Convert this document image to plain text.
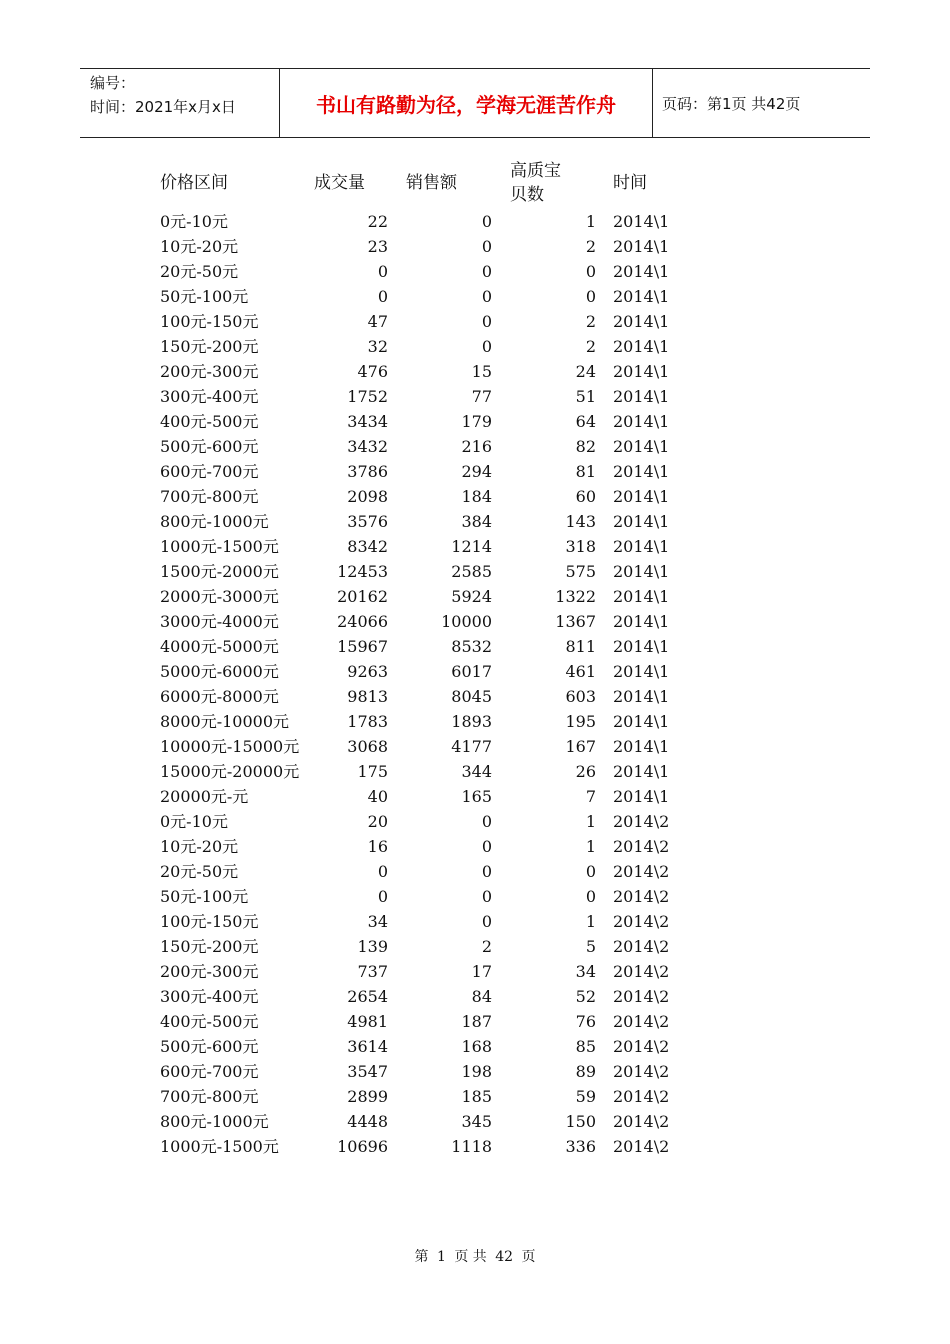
编号：
时间：2021年x月x日	书山有路勤为径，学海无涯苦作舟	页码：第1页 共42页
价格区间	成交量	销售额	高质宝贝数	时间
0元-10元	22	0	1	2014\1
10元-20元	23	0	2	2014\1
20元-50元	0	0	0	2014\1
50元-100元	0	0	0	2014\1
100元-150元	47	0	2	2014\1
150元-200元	32	0	2	2014\1
200元-300元	476	15	24	2014\1
300元-400元	1752	77	51	2014\1
400元-500元	3434	179	64	2014\1
500元-600元	3432	216	82	2014\1
600元-700元	3786	294	81	2014\1
700元-800元	2098	184	60	2014\1
800元-1000元	3576	384	143	2014\1
1000元-1500元	8342	1214	318	2014\1
1500元-2000元	12453	2585	575	2014\1
2000元-3000元	20162	5924	1322	2014\1
3000元-4000元	24066	10000	1367	2014\1
4000元-5000元	15967	8532	811	2014\1
5000元-6000元	9263	6017	461	2014\1
6000元-8000元	9813	8045	603	2014\1
8000元-10000元	1783	1893	195	2014\1
10000元-15000元	3068	4177	167	2014\1
15000元-20000元	175	344	26	2014\1
20000元-元	40	165	7	2014\1
0元-10元	20	0	1	2014\2
10元-20元	16	0	1	2014\2
20元-50元	0	0	0	2014\2
50元-100元	0	0	0	2014\2
100元-150元	34	0	1	2014\2
150元-200元	139	2	5	2014\2
200元-300元	737	17	34	2014\2
300元-400元	2654	84	52	2014\2
400元-500元	4981	187	76	2014\2
500元-600元	3614	168	85	2014\2
600元-700元	3547	198	89	2014\2
700元-800元	2899	185	59	2014\2
800元-1000元	4448	345	150	2014\2
1000元-1500元	10696	1118	336	2014\2
第 1 页 共 42 页
